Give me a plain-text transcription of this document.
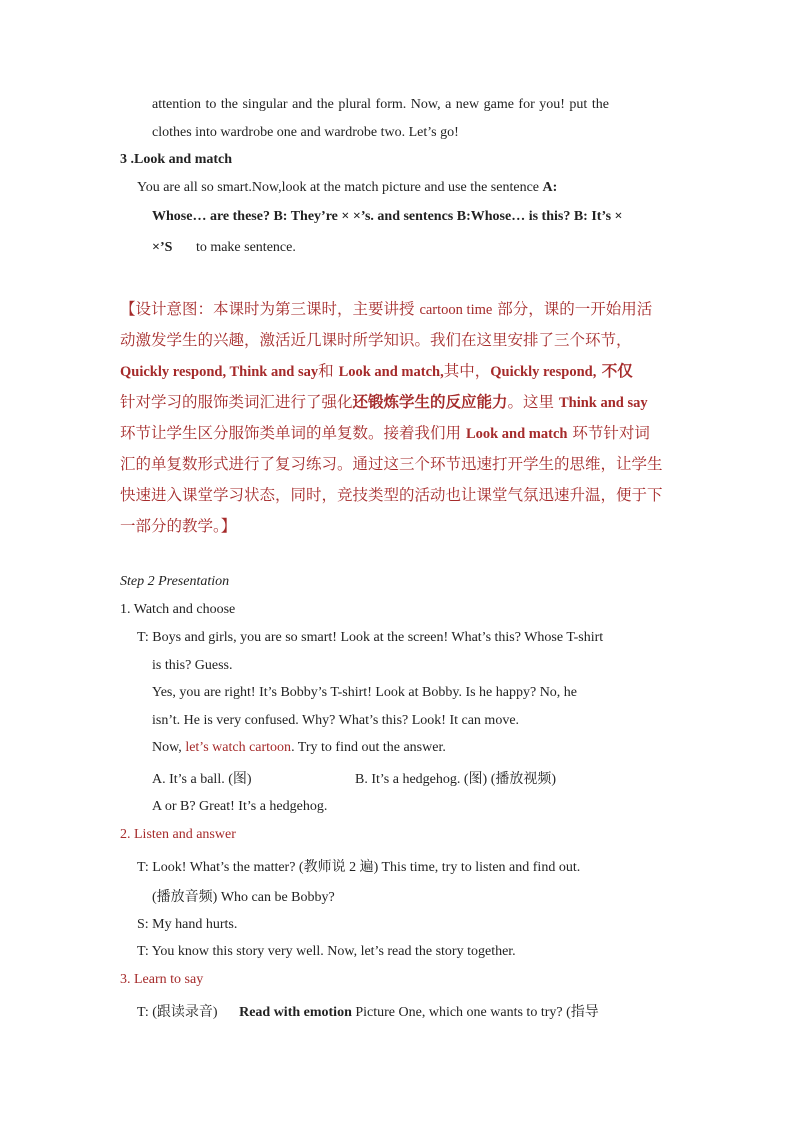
attention to the singular and the plural form. Now, a new game for you! put the
clothes into wardrobe one and wardrobe two. Let’s go!
3 .Look and match
You are all so smart.Now,look at the match picture and use the sentence A:
Whose… are these? B: They’re × ×’s. and sentencs B:Whose… is this? B: It’s ×
×’S to make sentence.
【设计意图：本课时为第三课时，主要讲授 cartoon time 部分，课的一开始用活
动激发学生的兴趣，激活近几课时所学知识。我们在这里安排了三个环节，
Quickly respond, Think and say和 Look and match,其中，Quickly respond, 不仅
针对学习的服饰类词汇进行了强化还锻炼学生的反应能力。这里 Think and say
环节让学生区分服饰类单词的单复数。接着我们用 Look and match 环节针对词
汇的单复数形式进行了复习练习。通过这三个环节迅速打开学生的思维，让学生
快速进入课堂学习状态，同时，竞技类型的活动也让课堂气氛迅速升温，便于下
一部分的教学。】
Step 2 Presentation
1. Watch and choose
T: Boys and girls, you are so smart! Look at the screen! What’s this? Whose T-shirt
is this? Guess.
Yes, you are right! It’s Bobby’s T-shirt! Look at Bobby. Is he happy? No, he
isn’t. He is very confused. Why? What’s this? Look! It can move.
Now, let’s watch cartoon. Try to find out the answer.
A. It’s a ball. (图)	B. It’s a hedgehog. (图) (播放视频)
A or B? Great! It’s a hedgehog.
2. Listen and answer
T: Look! What’s the matter? (教师说 2 遍) This time, try to listen and find out.
(播放音频) Who can be Bobby?
S: My hand hurts.
T: You know this story very well. Now, let’s read the story together.
3. Learn to say
T: (跟读录音) Read with emotion Picture One, which one wants to try? (指导
